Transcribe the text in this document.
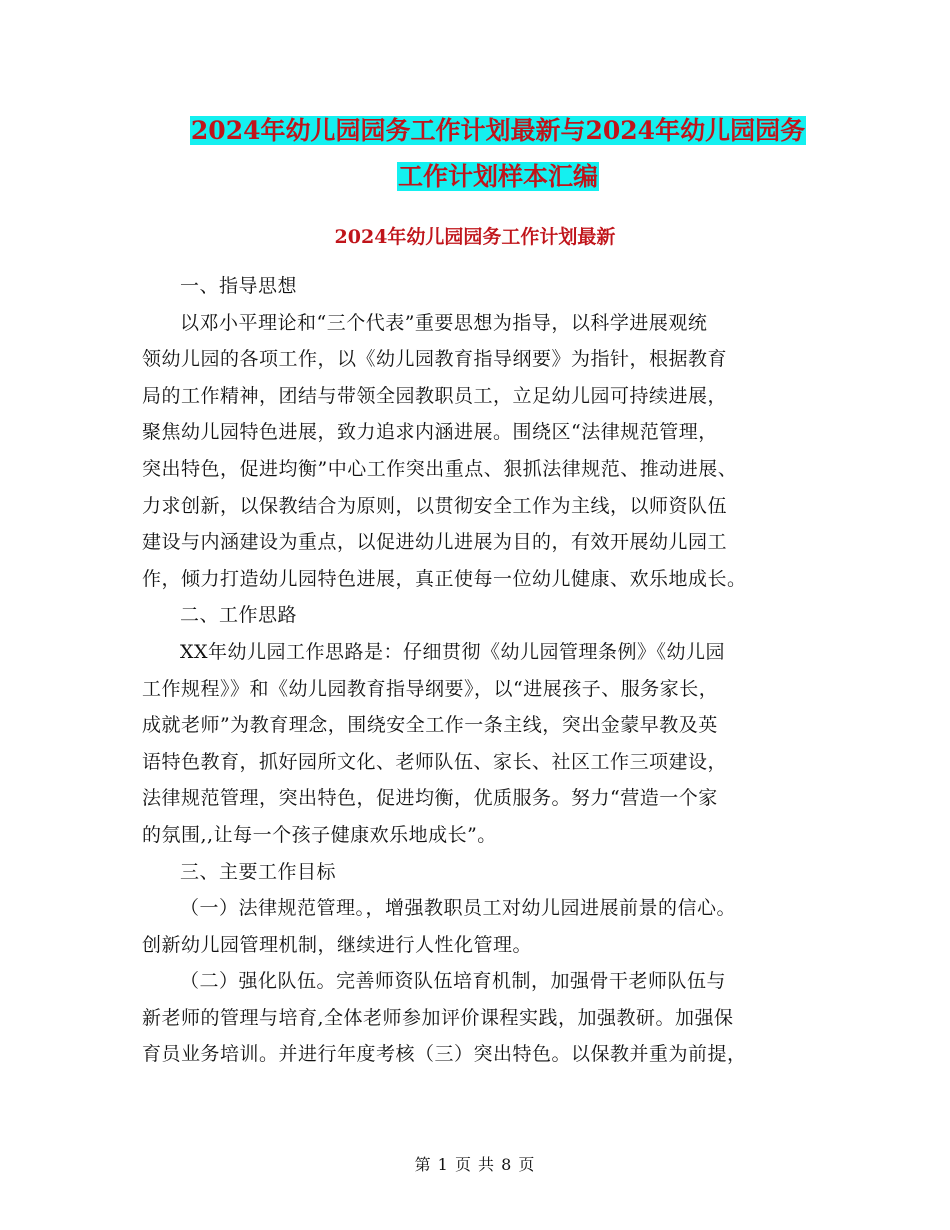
2024年幼儿园园务工作计划最新与2024年幼儿园园务
工作计划样本汇编
2024年幼儿园园务工作计划最新

一、指导思想

以邓小平理论和“三个代表”重要思想为指导，以科学进展观统
领幼儿园的各项工作，以《幼儿园教育指导纲要》为指针，根据教育
局的工作精神，团结与带领全园教职员工，立足幼儿园可持续进展，
聚焦幼儿园特色进展，致力追求内涵进展。围绕区“法律规范管理，
突出特色，促进均衡”中心工作突出重点、狠抓法律规范、推动进展、
力求创新，以保教结合为原则，以贯彻安全工作为主线，以师资队伍
建设与内涵建设为重点，以促进幼儿进展为目的，有效开展幼儿园工
作，倾力打造幼儿园特色进展，真正使每一位幼儿健康、欢乐地成长。

二、工作思路

XX年幼儿园工作思路是：仔细贯彻《幼儿园管理条例》《幼儿园
工作规程》》和《幼儿园教育指导纲要》，以“进展孩子、服务家长，
成就老师”为教育理念，围绕安全工作一条主线，突出金蒙早教及英
语特色教育，抓好园所文化、老师队伍、家长、社区工作三项建设，
法律规范管理，突出特色，促进均衡，优质服务。努力“营造一个家
的氛围,,让每一个孩子健康欢乐地成长”。

三、主要工作目标

（一）法律规范管理。，增强教职员工对幼儿园进展前景的信心。
创新幼儿园管理机制，继续进行人性化管理。

（二）强化队伍。完善师资队伍培育机制，加强骨干老师队伍与
新老师的管理与培育,全体老师参加评价课程实践，加强教研。加强保
育员业务培训。并进行年度考核（三）突出特色。以保教并重为前提，

第 1 页 共 8 页
